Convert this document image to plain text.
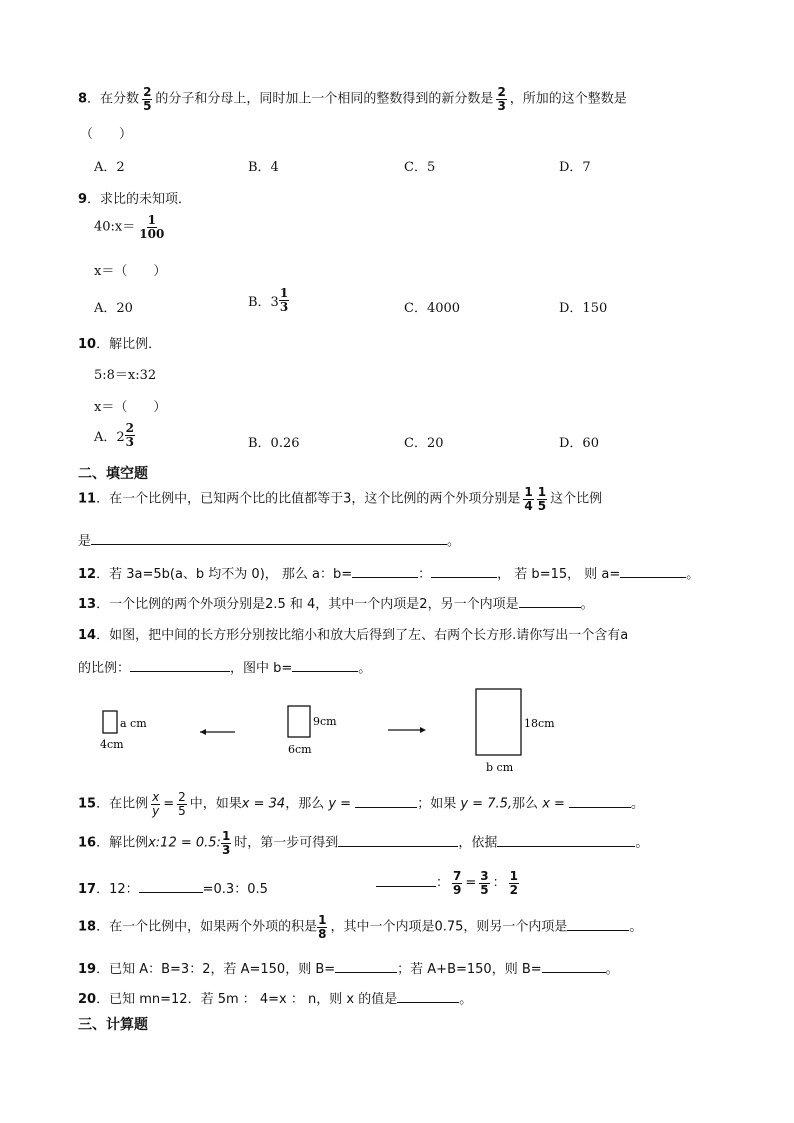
8．在分数 $\frac{2}{5}$ 的分子和分母上，同时加上一个相同的整数得到的新分数是 $\frac{2}{3}$ ，所加的这个整数是
（　　）
A．2	B．4	C．5	D．7
9．求比的未知项．
40:x＝ $\frac{1}{100}$
x＝（　　）
A．20	B．$3 \frac{1}{3}$	C．4000	D．150
10．解比例．
5:8＝x:32
x＝（　　）
A．$2 \frac{2}{3}$	B．0.26	C．20	D．60
二、填空题
11．在一个比例中，已知两个比的比值都等于3，这个比例的两个外项分别是 $\frac{1}{4} \frac{1}{5}$ 这个比例
是	。
12．若 3a=5b(a、b 均不为 0)， 那么 a：b=	：	， 若 b=15， 则 a=	。
13．一个比例的两个外项分别是2.5 和 4，其中一个内项是2，另一个内项是	。
14．如图，把中间的长方形分别按比缩小和放大后得到了左、右两个长方形.请你写出一个含有a
的比例：	，图中 b=	。
a cm
4cm
9cm
6cm
18cm
b cm
15．在比例 $\frac{x}{y} = \frac{2}{5}$ 中，如果x = 34，那么 y =	；如果 y = 7.5,那么 x =	。
16．解比例x:12 = 0.5: $\frac{1}{3}$ 时，第一步可得到	，依据	。
17．12：	=0.3：0.5	： $\frac{7}{9} = \frac{3}{5}$ ： $\frac{1}{2}$
18．在一个比例中，如果两个外项的积是 $\frac{1}{8}$ ，其中一个内项是0.75，则另一个内项是	。
19．已知 A：B=3：2，若 A=150，则 B=	；若 A+B=150，则 B=	。
20．已知 mn=12．若 5m ： 4=x ： n，则 x 的值是	。
三、计算题
